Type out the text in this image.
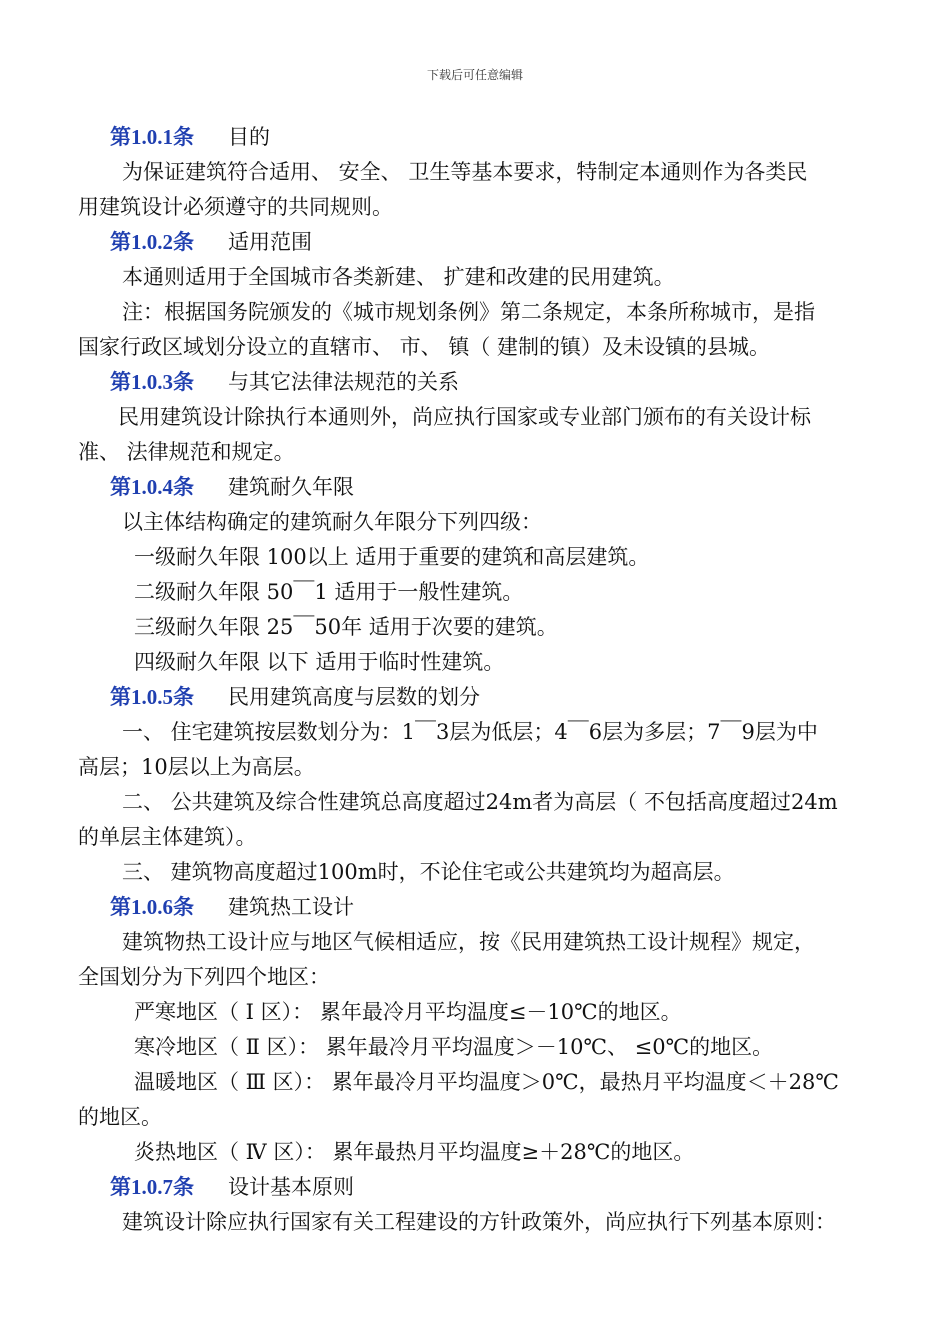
下载后可任意编辑
第1.0.1条 目的
为保证建筑符合适用、 安全、 卫生等基本要求，特制定本通则作为各类民
用建筑设计必须遵守的共同规则。
第1.0.2条 适用范围
本通则适用于全国城市各类新建、 扩建和改建的民用建筑。
注：根据国务院颁发的《城市规划条例》第二条规定，本条所称城市，是指
国家行政区域划分设立的直辖市、 市、 镇（ 建制的镇）及未设镇的县城。
第1.0.3条 与其它法律法规范的关系
民用建筑设计除执行本通则外，尚应执行国家或专业部门颁布的有关设计标
准、 法律规范和规定。
第1.0.4条 建筑耐久年限
以主体结构确定的建筑耐久年限分下列四级：
一级耐久年限 100以上 适用于重要的建筑和高层建筑。
二级耐久年限 50￣1 适用于一般性建筑。
三级耐久年限 25￣50年 适用于次要的建筑。
四级耐久年限 以下 适用于临时性建筑。
第1.0.5条 民用建筑高度与层数的划分
一、 住宅建筑按层数划分为：1￣3层为低层；4￣6层为多层；7￣9层为中
高层；10层以上为高层。
二、 公共建筑及综合性建筑总高度超过24m者为高层（ 不包括高度超过24m
的单层主体建筑）。
三、 建筑物高度超过100m时，不论住宅或公共建筑均为超高层。
第1.0.6条 建筑热工设计
建筑物热工设计应与地区气候相适应，按《民用建筑热工设计规程》规定，
全国划分为下列四个地区：
严寒地区（ Ⅰ 区）： 累年最冷月平均温度≤－10℃的地区。
寒冷地区（ Ⅱ 区）： 累年最冷月平均温度＞－10℃、 ≤0℃的地区。
温暖地区（ Ⅲ 区）： 累年最冷月平均温度＞0℃，最热月平均温度＜＋28℃
的地区。
炎热地区（ Ⅳ 区）： 累年最热月平均温度≥＋28℃的地区。
第1.0.7条 设计基本原则
建筑设计除应执行国家有关工程建设的方针政策外，尚应执行下列基本原则：
